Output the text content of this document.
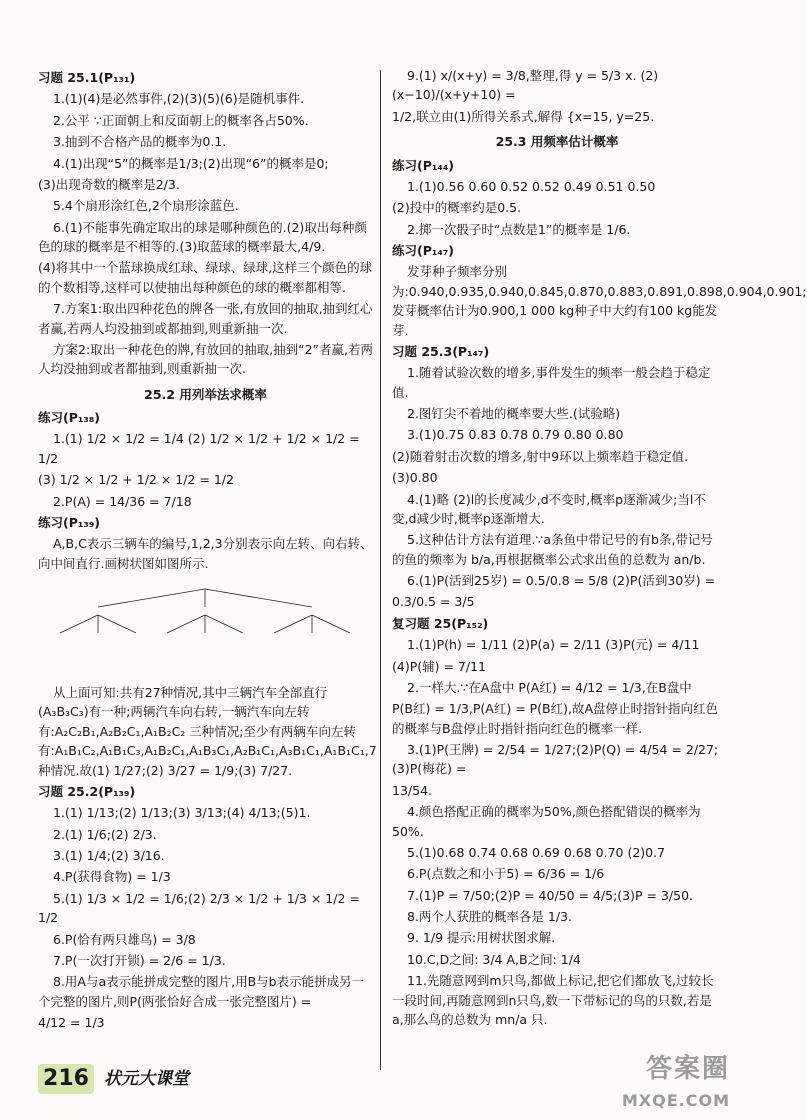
习题 25.1(P₁₃₁)
1.(1)(4)是必然事件,(2)(3)(5)(6)是随机事件.
2.公平 ∵正面朝上和反面朝上的概率各占50%.
3.抽到不合格产品的概率为0.1.
4.(1)出现“5”的概率是1/3;(2)出现“6”的概率是0;
(3)出现奇数的概率是2/3.
5.4个扇形涂红色,2个扇形涂蓝色.
6.(1)不能事先确定取出的球是哪种颜色的.(2)取出每种颜色的球的概率是不相等的.(3)取蓝球的概率最大,4/9.
(4)将其中一个蓝球换成红球、绿球、绿球,这样三个颜色的球的个数相等,这样可以使抽出每种颜色的球的概率都相等.
7.方案1:取出四种花色的牌各一张,有放回的抽取,抽到红心者赢,若两人均没抽到或都抽到,则重新抽一次.
方案2:取出一种花色的牌,有放回的抽取,抽到“2”者赢,若两人均没抽到或者都抽到,则重新抽一次.
25.2 用列举法求概率
练习(P₁₃₈)
1.(1) 1/2 × 1/2 = 1/4 (2) 1/2 × 1/2 + 1/2 × 1/2 = 1/2
(3) 1/2 × 1/2 + 1/2 × 1/2 = 1/2
2.P(A) = 14/36 = 7/18
练习(P₁₃₉)
A,B,C表示三辆车的编号,1,2,3分别表示向左转、向右转、向中间直行.画树状图如图所示.
从上面可知:共有27种情况,其中三辆汽车全部直行(A₃B₃C₃)有一种;两辆汽车向右转,一辆汽车向左转有:A₂C₂B₁,A₂B₂C₁,A₁B₂C₂ 三种情况;至少有两辆车向左转有:A₁B₁C₂,A₁B₁C₃,A₁B₂C₁,A₁B₃C₁,A₂B₁C₁,A₃B₁C₁,A₁B₁C₁,7种情况.故(1) 1/27;(2) 3/27 = 1/9;(3) 7/27.
习题 25.2(P₁₃₉)
1.(1) 1/13;(2) 1/13;(3) 3/13;(4) 4/13;(5)1.
2.(1) 1/6;(2) 2/3.
3.(1) 1/4;(2) 3/16.
4.P(获得食物) = 1/3
5.(1) 1/3 × 1/2 = 1/6;(2) 2/3 × 1/2 + 1/3 × 1/2 = 1/2
6.P(恰有两只雄鸟) = 3/8
7.P(一次打开锁) = 2/6 = 1/3.
8.用A与a表示能拼成完整的图片,用B与b表示能拼成另一个完整的图片,则P(两张恰好合成一张完整图片) =
4/12 = 1/3
9.(1) x/(x+y) = 3/8,整理,得 y = 5/3 x. (2) (x−10)/(x+y+10) =
1/2,联立由(1)所得关系式,解得 {x=15, y=25.
25.3 用频率估计概率
练习(P₁₄₄)
1.(1)0.56 0.60 0.52 0.52 0.49 0.51 0.50
(2)投中的概率约是0.5.
2.掷一次骰子时“点数是1”的概率是 1/6.
练习(P₁₄₇)
发芽种子频率分别为:0.940,0.935,0.940,0.845,0.870,0.883,0.891,0.898,0.904,0.901;发芽概率估计为0.900,1 000 kg种子中大约有100 kg能发芽.
习题 25.3(P₁₄₇)
1.随着试验次数的增多,事件发生的频率一般会趋于稳定值.
2.图钉尖不着地的概率要大些.(试验略)
3.(1)0.75 0.83 0.78 0.79 0.80 0.80
(2)随着射击次数的增多,射中9环以上频率趋于稳定值.
(3)0.80
4.(1)略 (2)l的长度减少,d不变时,概率p逐渐减少;当l不变,d减少时,概率p逐渐增大.
5.这种估计方法有道理.∵a条鱼中带记号的有b条,带记号的鱼的频率为 b/a,再根据概率公式求出鱼的总数为 an/b.
6.(1)P(活到25岁) = 0.5/0.8 = 5/8 (2)P(活到30岁) =
0.3/0.5 = 3/5
复习题 25(P₁₅₂)
1.(1)P(h) = 1/11 (2)P(a) = 2/11 (3)P(元) = 4/11
(4)P(辅) = 7/11
2.一样大.∵在A盘中 P(A红) = 4/12 = 1/3,在B盘中
P(B红) = 1/3,P(A红) = P(B红),故A盘停止时指针指向红色的概率与B盘停止时指针指向红色的概率一样.
3.(1)P(王牌) = 2/54 = 1/27;(2)P(Q) = 4/54 = 2/27;(3)P(梅花) =
13/54.
4.颜色搭配正确的概率为50%,颜色搭配错误的概率为50%.
5.(1)0.68 0.74 0.68 0.69 0.68 0.70 (2)0.7
6.P(点数之和小于5) = 6/36 = 1/6
7.(1)P = 7/50;(2)P = 40/50 = 4/5;(3)P = 3/50.
8.两个人获胜的概率各是 1/3.
9. 1/9 提示:用树状图求解.
10.C,D之间: 3/4 A,B之间: 1/4
11.先随意网到m只鸟,都做上标记,把它们都放飞,过较长一段时间,再随意网到n只鸟,数一下带标记的鸟的只数,若是a,那么鸟的总数为 mn/a 只.
216 状元大课堂	答案圈
MXQE.COM
